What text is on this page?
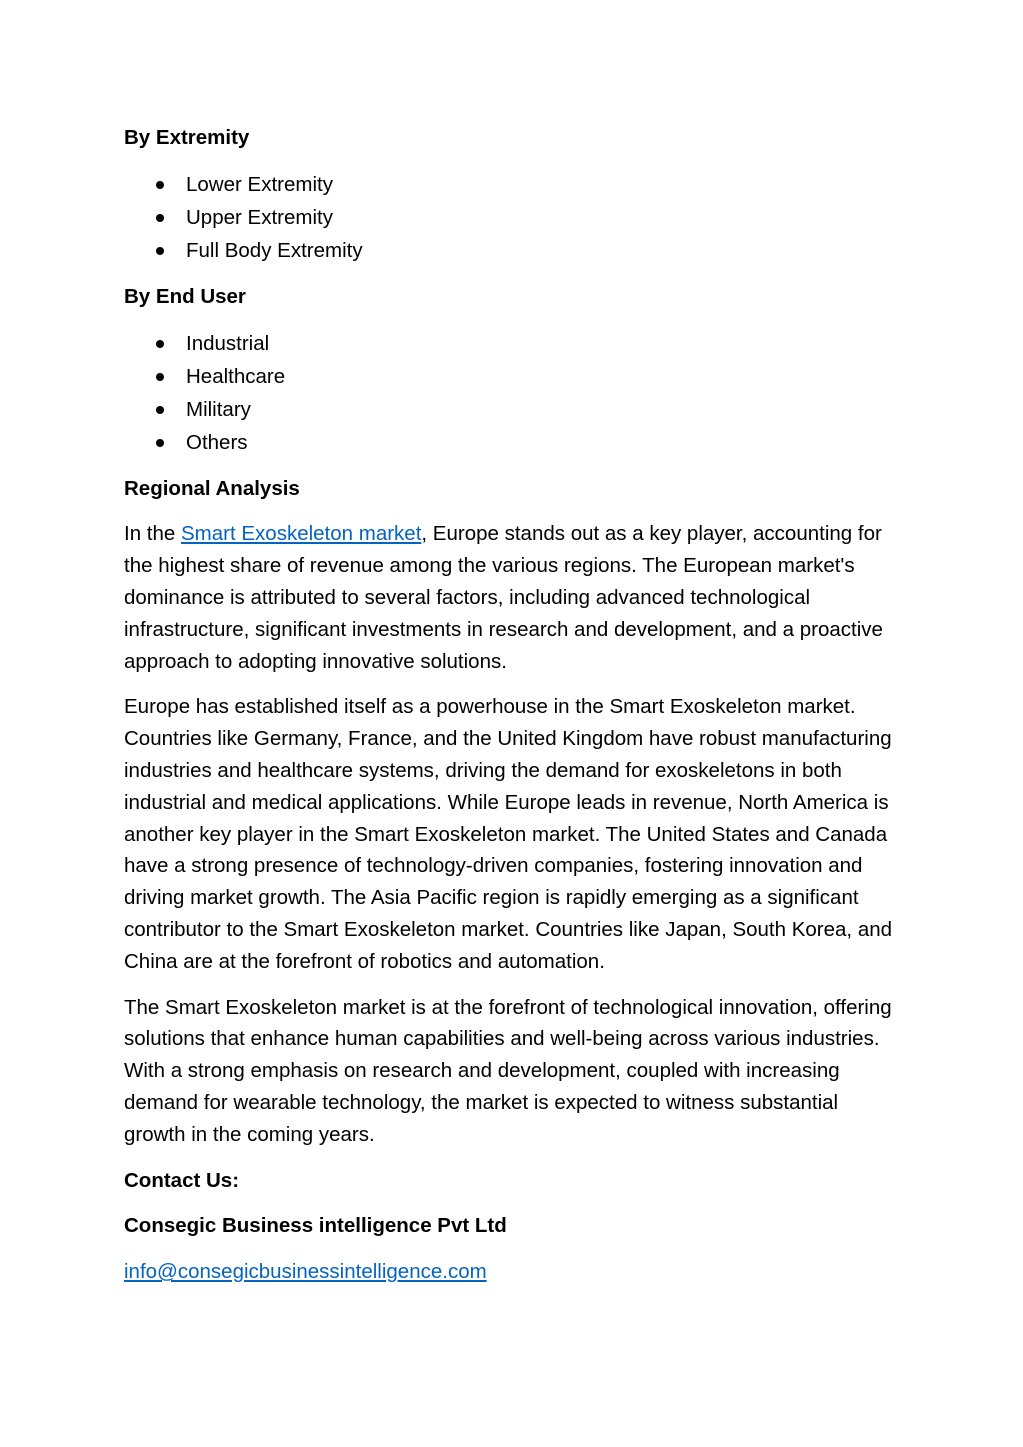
By Extremity
Lower Extremity
Upper Extremity
Full Body Extremity
By End User
Industrial
Healthcare
Military
Others
Regional Analysis

In the Smart Exoskeleton market, Europe stands out as a key player, accounting for the highest share of revenue among the various regions. The European market's dominance is attributed to several factors, including advanced technological infrastructure, significant investments in research and development, and a proactive approach to adopting innovative solutions.

Europe has established itself as a powerhouse in the Smart Exoskeleton market. Countries like Germany, France, and the United Kingdom have robust manufacturing industries and healthcare systems, driving the demand for exoskeletons in both industrial and medical applications. While Europe leads in revenue, North America is another key player in the Smart Exoskeleton market. The United States and Canada have a strong presence of technology-driven companies, fostering innovation and driving market growth. The Asia Pacific region is rapidly emerging as a significant contributor to the Smart Exoskeleton market. Countries like Japan, South Korea, and China are at the forefront of robotics and automation.

The Smart Exoskeleton market is at the forefront of technological innovation, offering solutions that enhance human capabilities and well-being across various industries. With a strong emphasis on research and development, coupled with increasing demand for wearable technology, the market is expected to witness substantial growth in the coming years.

Contact Us:
Consegic Business intelligence Pvt Ltd
info@consegicbusinessintelligence.com
